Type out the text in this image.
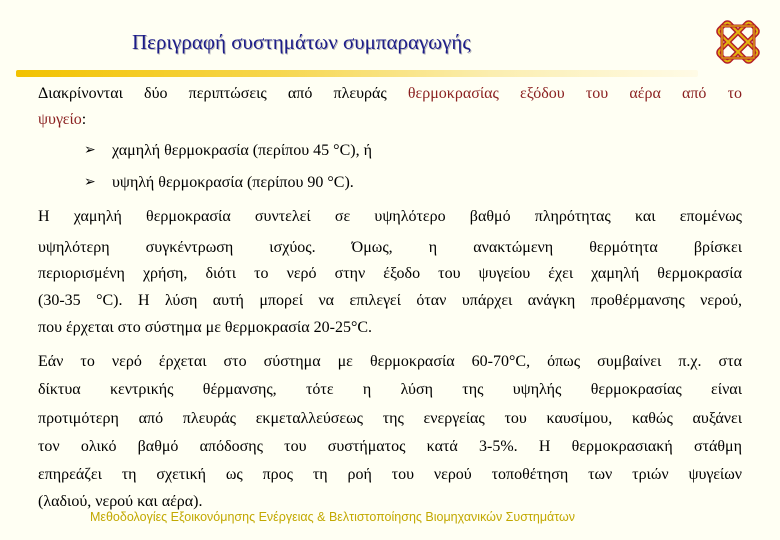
Περιγραφή συστημάτων συμπαραγωγής
Διακρίνονται δύο περιπτώσεις από πλευράς θερμοκρασίας εξόδου του αέρα από το
ψυγείο:
➢ χαμηλή θερμοκρασία (περίπου 45 °C), ή
➢ υψηλή θερμοκρασία (περίπου 90 °C).
Η χαμηλή θερμοκρασία συντελεί σε υψηλότερο βαθμό πληρότητας και επομένως
υψηλότερη συγκέντρωση ισχύος. Όμως, η ανακτώμενη θερμότητα βρίσκει
περιορισμένη χρήση, διότι το νερό στην έξοδο του ψυγείου έχει χαμηλή θερμοκρασία
(30-35 °C). Η λύση αυτή μπορεί να επιλεγεί όταν υπάρχει ανάγκη προθέρμανσης νερού,
που έρχεται στο σύστημα με θερμοκρασία 20-25°C.
Εάν το νερό έρχεται στο σύστημα με θερμοκρασία 60-70°C, όπως συμβαίνει π.χ. στα
δίκτυα κεντρικής θέρμανσης, τότε η λύση της υψηλής θερμοκρασίας είναι
προτιμότερη από πλευράς εκμεταλλεύσεως της ενεργείας του καυσίμου, καθώς αυξάνει
τον ολικό βαθμό απόδοσης του συστήματος κατά 3-5%. Η θερμοκρασιακή στάθμη
επηρεάζει τη σχετική ως προς τη ροή του νερού τοποθέτηση των τριών ψυγείων
(λαδιού, νερού και αέρα).
Μεθοδολογίες Εξοικονόμησης Ενέργειας & Βελτιστοποίησης Βιομηχανικών Συστημάτων
